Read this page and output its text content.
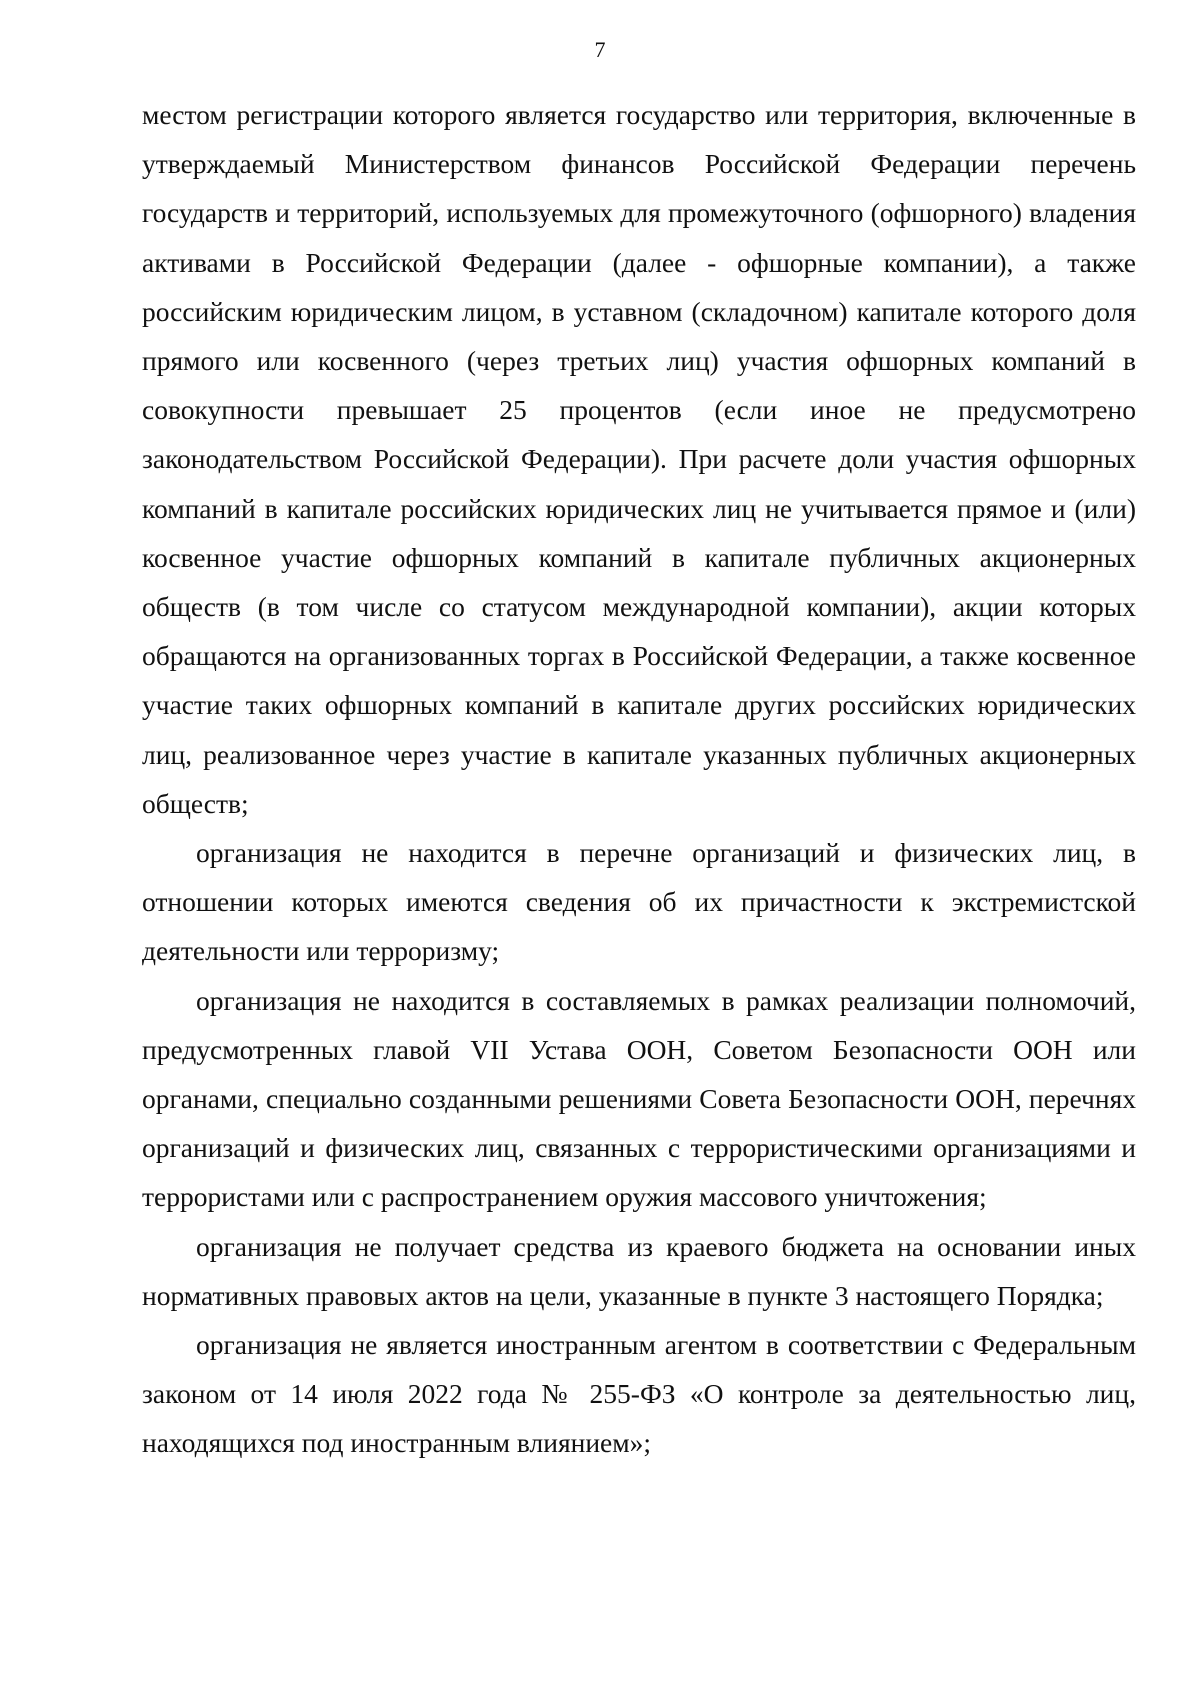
7

местом регистрации которого является государство или территория, включенные в утверждаемый Министерством финансов Российской Федерации перечень государств и территорий, используемых для промежуточного (офшорного) владения активами в Российской Федерации (далее - офшорные компании), а также российским юридическим лицом, в уставном (складочном) капитале которого доля прямого или косвенного (через третьих лиц) участия офшорных компаний в совокупности превышает 25 процентов (если иное не предусмотрено законодательством Российской Федерации). При расчете доли участия офшорных компаний в капитале российских юридических лиц не учитывается прямое и (или) косвенное участие офшорных компаний в капитале публичных акционерных обществ (в том числе со статусом международной компании), акции которых обращаются на организованных торгах в Российской Федерации, а также косвенное участие таких офшорных компаний в капитале других российских юридических лиц, реализованное через участие в капитале указанных публичных акционерных обществ;

организация не находится в перечне организаций и физических лиц, в отношении которых имеются сведения об их причастности к экстремистской деятельности или терроризму;

организация не находится в составляемых в рамках реализации полномочий, предусмотренных главой VII Устава ООН, Советом Безопасности ООН или органами, специально созданными решениями Совета Безопасности ООН, перечнях организаций и физических лиц, связанных с террористическими организациями и террористами или с распространением оружия массового уничтожения;

организация не получает средства из краевого бюджета на основании иных нормативных правовых актов на цели, указанные в пункте 3 настоящего Порядка;

организация не является иностранным агентом в соответствии с Федеральным законом от 14 июля 2022 года № 255-ФЗ «О контроле за деятельностью лиц, находящихся под иностранным влиянием»;
